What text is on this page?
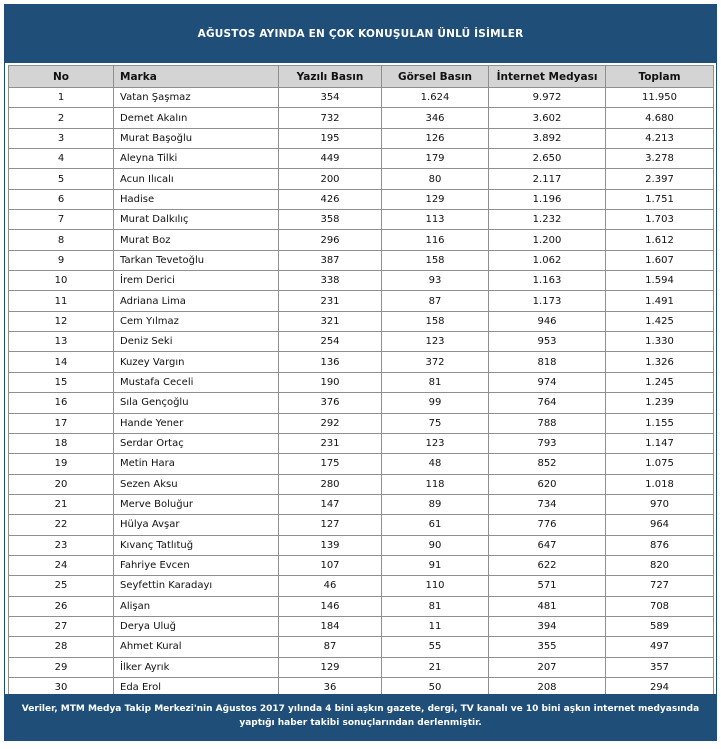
AĞUSTOS AYINDA EN ÇOK KONUŞULAN ÜNLÜ İSİMLER
No	Marka	Yazılı Basın	Görsel Basın	İnternet Medyası	Toplam
1	Vatan Şaşmaz	354	1.624	9.972	11.950
2	Demet Akalın	732	346	3.602	4.680
3	Murat Başoğlu	195	126	3.892	4.213
4	Aleyna Tilki	449	179	2.650	3.278
5	Acun Ilıcalı	200	80	2.117	2.397
6	Hadise	426	129	1.196	1.751
7	Murat Dalkılıç	358	113	1.232	1.703
8	Murat Boz	296	116	1.200	1.612
9	Tarkan Tevetoğlu	387	158	1.062	1.607
10	İrem Derici	338	93	1.163	1.594
11	Adriana Lima	231	87	1.173	1.491
12	Cem Yılmaz	321	158	946	1.425
13	Deniz Seki	254	123	953	1.330
14	Kuzey Vargın	136	372	818	1.326
15	Mustafa Ceceli	190	81	974	1.245
16	Sıla Gençoğlu	376	99	764	1.239
17	Hande Yener	292	75	788	1.155
18	Serdar Ortaç	231	123	793	1.147
19	Metin Hara	175	48	852	1.075
20	Sezen Aksu	280	118	620	1.018
21	Merve Boluğur	147	89	734	970
22	Hülya Avşar	127	61	776	964
23	Kıvanç Tatlıtuğ	139	90	647	876
24	Fahriye Evcen	107	91	622	820
25	Seyfettin Karadayı	46	110	571	727
26	Alişan	146	81	481	708
27	Derya Uluğ	184	11	394	589
28	Ahmet Kural	87	55	355	497
29	İlker Ayrık	129	21	207	357
30	Eda Erol	36	50	208	294
Veriler, MTM Medya Takip Merkezi'nin Ağustos 2017 yılında 4 bini aşkın gazete, dergi, TV kanalı ve 10 bini aşkın internet medyasında yaptığı haber takibi sonuçlarından derlenmiştir.
